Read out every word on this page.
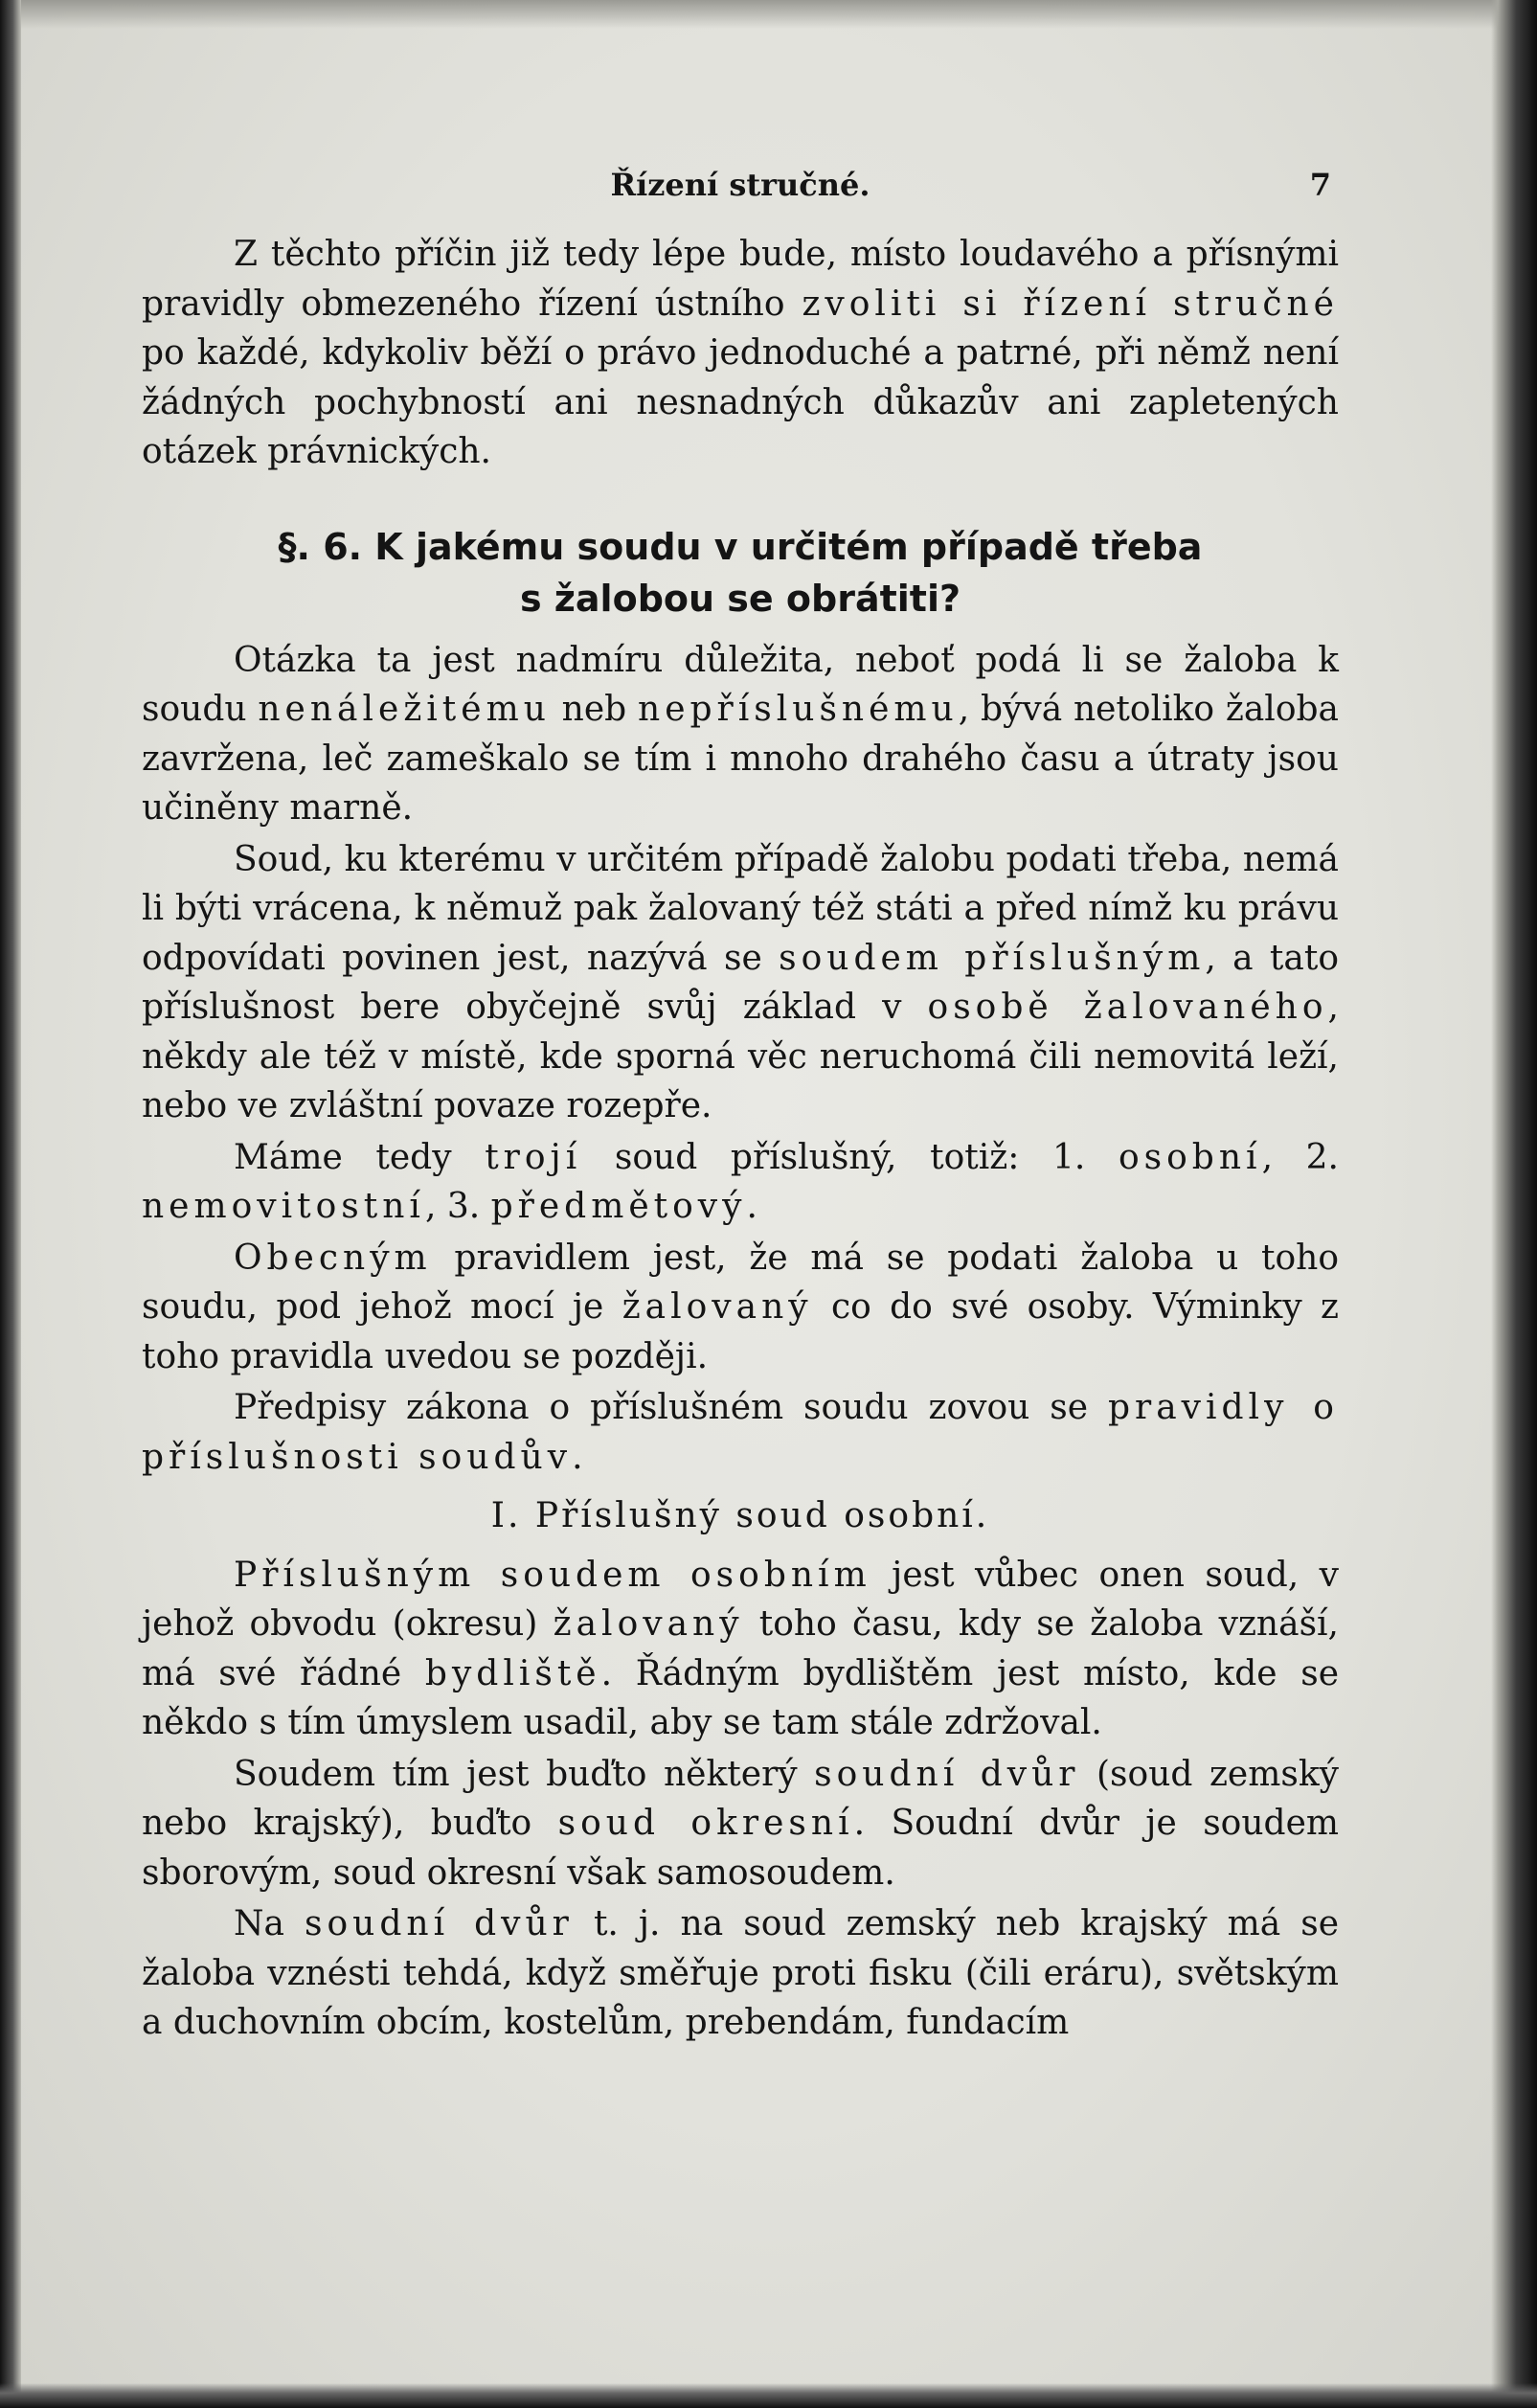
Řízení stručné.	7

Z těchto příčin již tedy lépe bude, místo loudavého a přísnými pravidly obmezeného řízení ústního zvoliti si řízení stručné po každé, kdykoliv běží o právo jednoduché a patrné, při němž není žádných pochybností ani nesnadných důkazův ani zapletených otázek právnických.

§. 6. K jakému soudu v určitém případě třeba
s žalobou se obrátiti?

Otázka ta jest nadmíru důležita, neboť podá li se žaloba k soudu nenáležitému neb nepříslušnému, bývá netoliko žaloba zavržena, leč zameškalo se tím i mnoho drahého času a útraty jsou učiněny marně.

Soud, ku kterému v určitém případě žalobu podati třeba, nemá li býti vrácena, k němuž pak žalovaný též státi a před nímž ku právu odpovídati povinen jest, nazývá se soudem příslušným, a tato příslušnost bere obyčejně svůj základ v osobě žalovaného, někdy ale též v místě, kde sporná věc neruchomá čili nemovitá leží, nebo ve zvláštní povaze rozepře.

Máme tedy trojí soud příslušný, totiž: 1. osobní, 2. nemovitostní, 3. předmětový.

Obecným pravidlem jest, že má se podati žaloba u toho soudu, pod jehož mocí je žalovaný co do své osoby. Výminky z toho pravidla uvedou se později.

Předpisy zákona o příslušném soudu zovou se pravidly o příslušnosti soudův.

I. Příslušný soud osobní.

Příslušným soudem osobním jest vůbec onen soud, v jehož obvodu (okresu) žalovaný toho času, kdy se žaloba vznáší, má své řádné bydliště. Řádným bydlištěm jest místo, kde se někdo s tím úmyslem usadil, aby se tam stále zdržoval.

Soudem tím jest buďto některý soudní dvůr (soud zemský nebo krajský), buďto soud okresní. Soudní dvůr je soudem sborovým, soud okresní však samosoudem.

Na soudní dvůr t. j. na soud zemský neb krajský má se žaloba vznésti tehdá, když směřuje proti fisku (čili eráru), světským a duchovním obcím, kostelům, prebendám, fundacím
